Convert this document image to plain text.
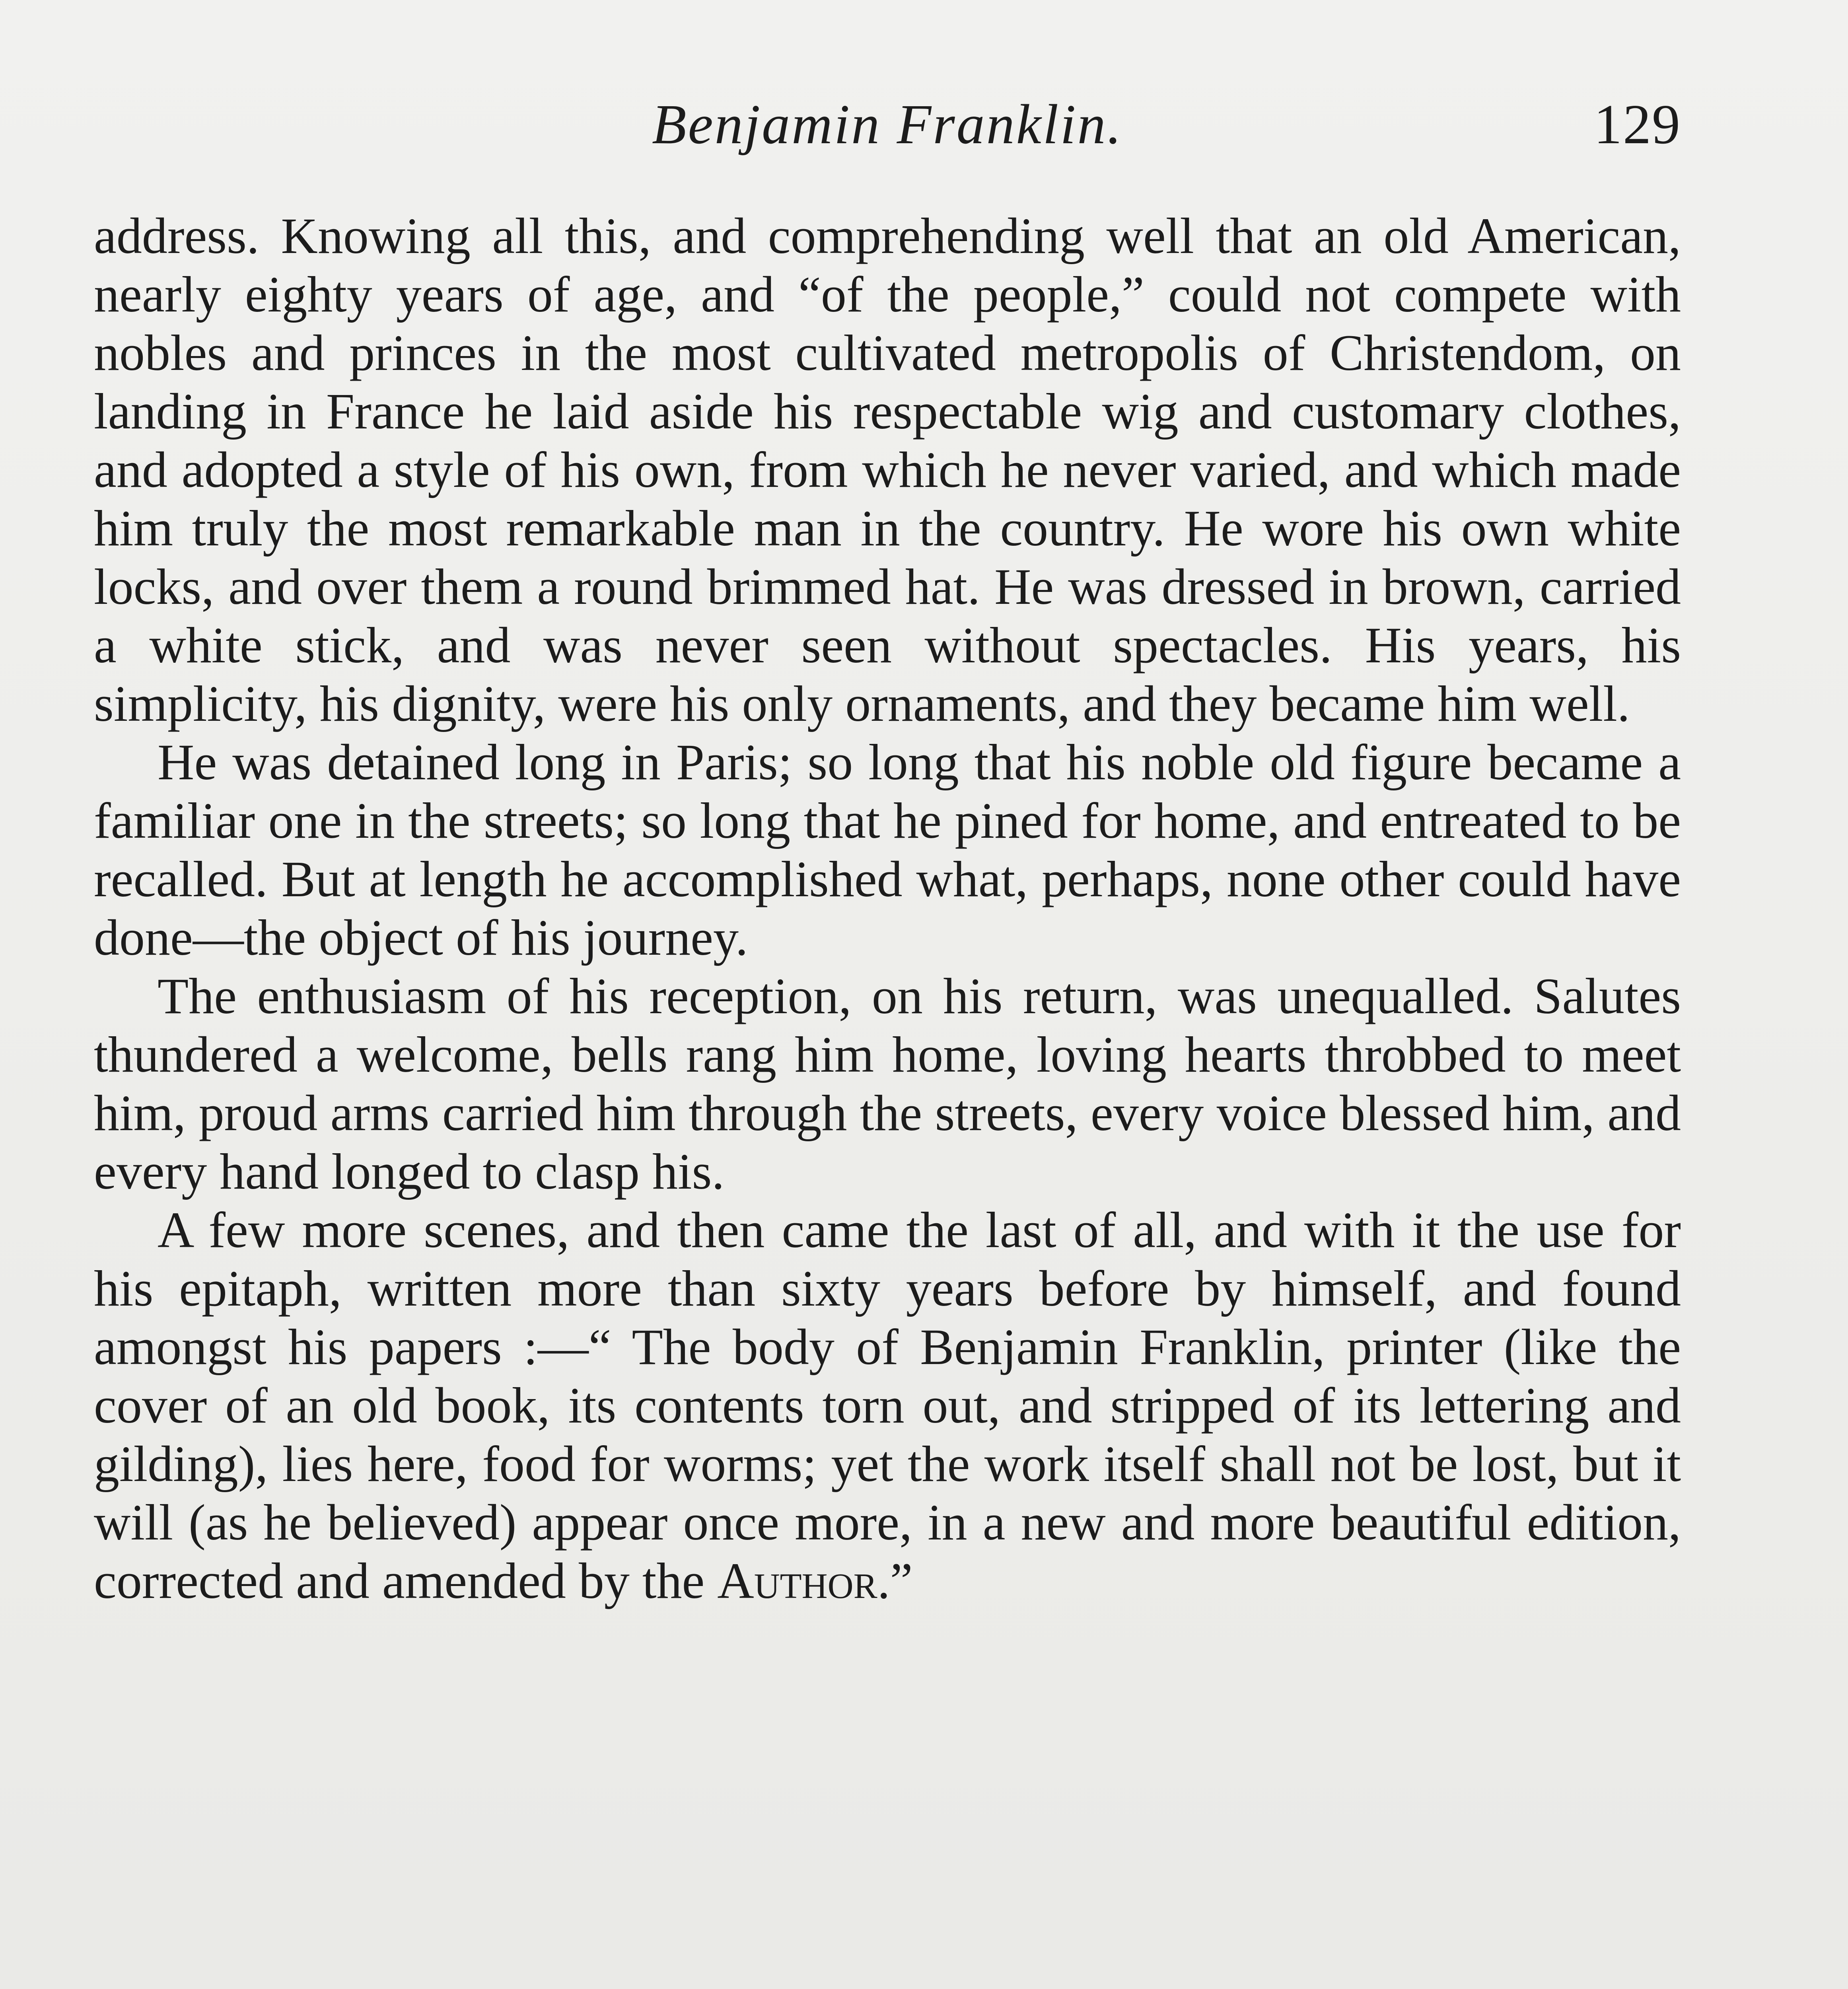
Benjamin Franklin.	129

address. Knowing all this, and comprehending well that an old American, nearly eighty years of age, and “of the people,” could not compete with nobles and princes in the most cultivated metropolis of Christendom, on landing in France he laid aside his respectable wig and customary clothes, and adopted a style of his own, from which he never varied, and which made him truly the most remarkable man in the country. He wore his own white locks, and over them a round brimmed hat. He was dressed in brown, carried a white stick, and was never seen without spectacles. His years, his simplicity, his dignity, were his only ornaments, and they became him well.

He was detained long in Paris; so long that his noble old figure became a familiar one in the streets; so long that he pined for home, and entreated to be recalled. But at length he accomplished what, perhaps, none other could have done—the object of his journey.

The enthusiasm of his reception, on his return, was unequalled. Salutes thundered a welcome, bells rang him home, loving hearts throbbed to meet him, proud arms carried him through the streets, every voice blessed him, and every hand longed to clasp his.

A few more scenes, and then came the last of all, and with it the use for his epitaph, written more than sixty years before by himself, and found amongst his papers :—“ The body of Benjamin Franklin, printer (like the cover of an old book, its contents torn out, and stripped of its lettering and gilding), lies here, food for worms; yet the work itself shall not be lost, but it will (as he believed) appear once more, in a new and more beautiful edition, corrected and amended by the Author.”
